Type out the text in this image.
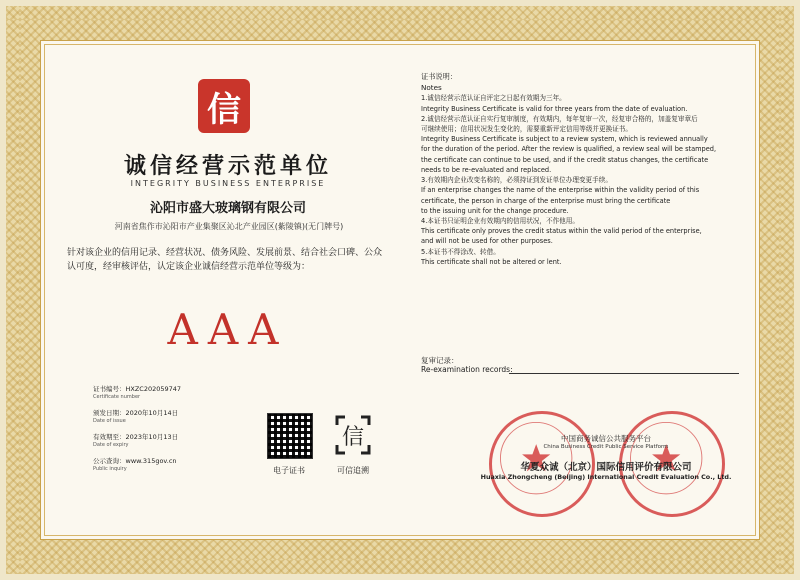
信
诚信经营示范单位
INTEGRITY BUSINESS ENTERPRISE
沁阳市盛大玻璃钢有限公司
河南省焦作市沁阳市产业集聚区沁北产业园区(紫陵镇)(无门牌号)
针对该企业的信用记录、经营状况、债务风险、发展前景、结合社会口碑、公众认可度，经审核评估，认定该企业诚信经营示范单位等级为：
AAA
证书编号：HXZC202059747
Certificate number
颁发日期：2020年10月14日
Date of issue
有效期至：2023年10月13日
Date of expiry
公示查询：www.315gov.cn
Public inquiry	电子证书
信
可信追溯
证书说明：
Notes
1.诚信经营示范认证自评定之日起有效期为三年。
Integrity Business Certificate is valid for three years from the date of evaluation.
2.诚信经营示范认证自实行复审制度，有效期内，每年复审一次，经复审合格的，加盖复审章后
可继续使用；信用状况发生变化的，需要重新评定信用等级并更换证书。
Integrity Business Certificate is subject to a review system, which is reviewed annually
for the duration of the period. After the review is qualified, a review seal will be stamped,
the certificate can continue to be used, and if the credit status changes, the certificate
needs to be re-evaluated and replaced.
3.有效期内企业改变名称的，必须持证到发证单位办理变更手续。
If an enterprise changes the name of the enterprise within the validity period of this
certificate, the person in charge of the enterprise must bring the certificate
to the issuing unit for the change procedure.
4.本证书只证明企业有效期内的信用状况，不作他用。
This certificate only proves the credit status within the valid period of the enterprise,
and will not be used for other purposes.
5.本证书不得涂改、转借。
This certificate shall not be altered or lent.
复审记录：
Re-examination records:
中国商务诚信公共服务平台
China Business Credit Public Service Platform
华夏众诚（北京）国际信用评价有限公司
Huaxia Zhongcheng (Beijing) International Credit Evaluation Co., Ltd.
